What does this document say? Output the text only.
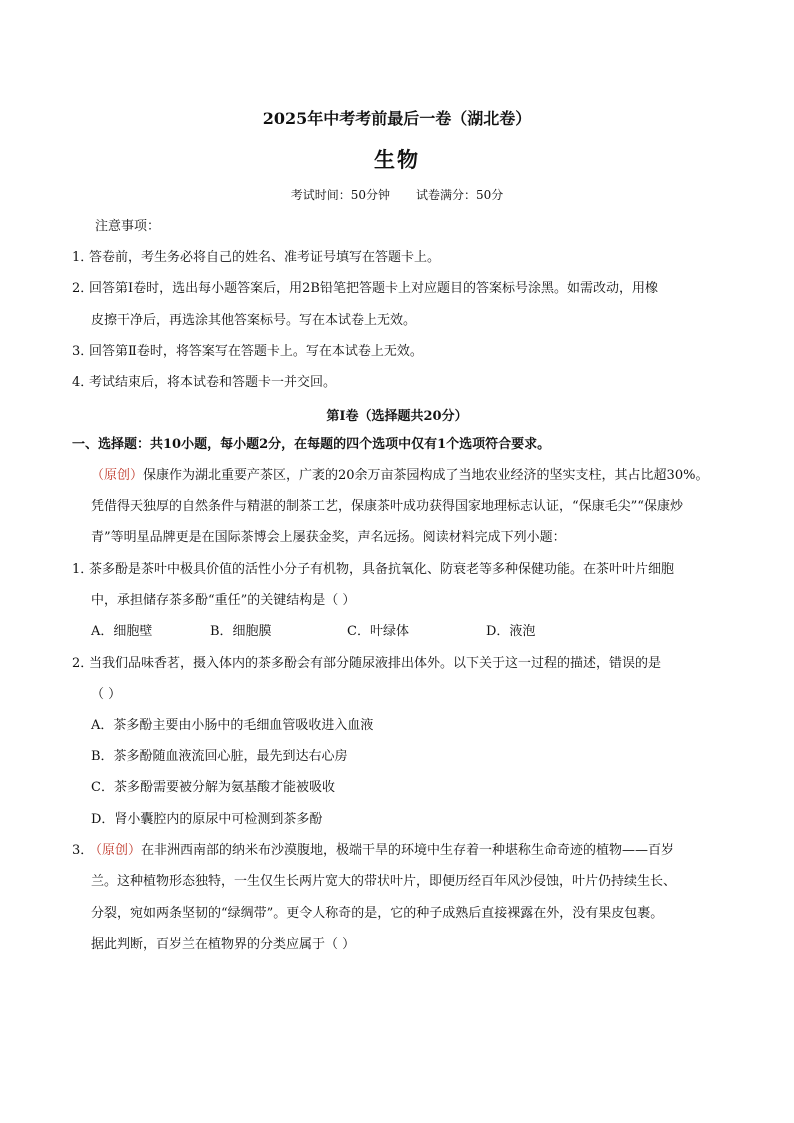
2025年中考考前最后一卷（湖北卷）
生物
考试时间：50分钟 试卷满分：50分
注意事项：
1．答卷前，考生务必将自己的姓名、准考证号填写在答题卡上。
2．回答第Ⅰ卷时，选出每小题答案后，用2B铅笔把答题卡上对应题目的答案标号涂黑。如需改动，用橡
皮擦干净后，再选涂其他答案标号。写在本试卷上无效。
3．回答第Ⅱ卷时，将答案写在答题卡上。写在本试卷上无效。
4．考试结束后，将本试卷和答题卡一并交回。
第Ⅰ卷（选择题共20分）
一、选择题：共10小题，每小题2分，在每题的四个选项中仅有1个选项符合要求。
（原创）保康作为湖北重要产茶区，广袤的20余万亩茶园构成了当地农业经济的坚实支柱，其占比超30%。
凭借得天独厚的自然条件与精湛的制茶工艺，保康茶叶成功获得国家地理标志认证，“保康毛尖”“保康炒
青”等明星品牌更是在国际茶博会上屡获金奖，声名远扬。阅读材料完成下列小题：
1．茶多酚是茶叶中极具价值的活性小分子有机物，具备抗氧化、防衰老等多种保健功能。在茶叶叶片细胞
中，承担储存茶多酚“重任”的关键结构是（ ）
A．细胞壁	B．细胞膜	C．叶绿体	D．液泡
2．当我们品味香茗，摄入体内的茶多酚会有部分随尿液排出体外。以下关于这一过程的描述，错误的是
（ ）
A．茶多酚主要由小肠中的毛细血管吸收进入血液
B．茶多酚随血液流回心脏，最先到达右心房
C．茶多酚需要被分解为氨基酸才能被吸收
D．肾小囊腔内的原尿中可检测到茶多酚
3．（原创）在非洲西南部的纳米布沙漠腹地，极端干旱的环境中生存着一种堪称生命奇迹的植物——百岁
兰。这种植物形态独特，一生仅生长两片宽大的带状叶片，即便历经百年风沙侵蚀，叶片仍持续生长、
分裂，宛如两条坚韧的“绿绸带”。更令人称奇的是，它的种子成熟后直接裸露在外，没有果皮包裹。
据此判断，百岁兰在植物界的分类应属于（ ）
